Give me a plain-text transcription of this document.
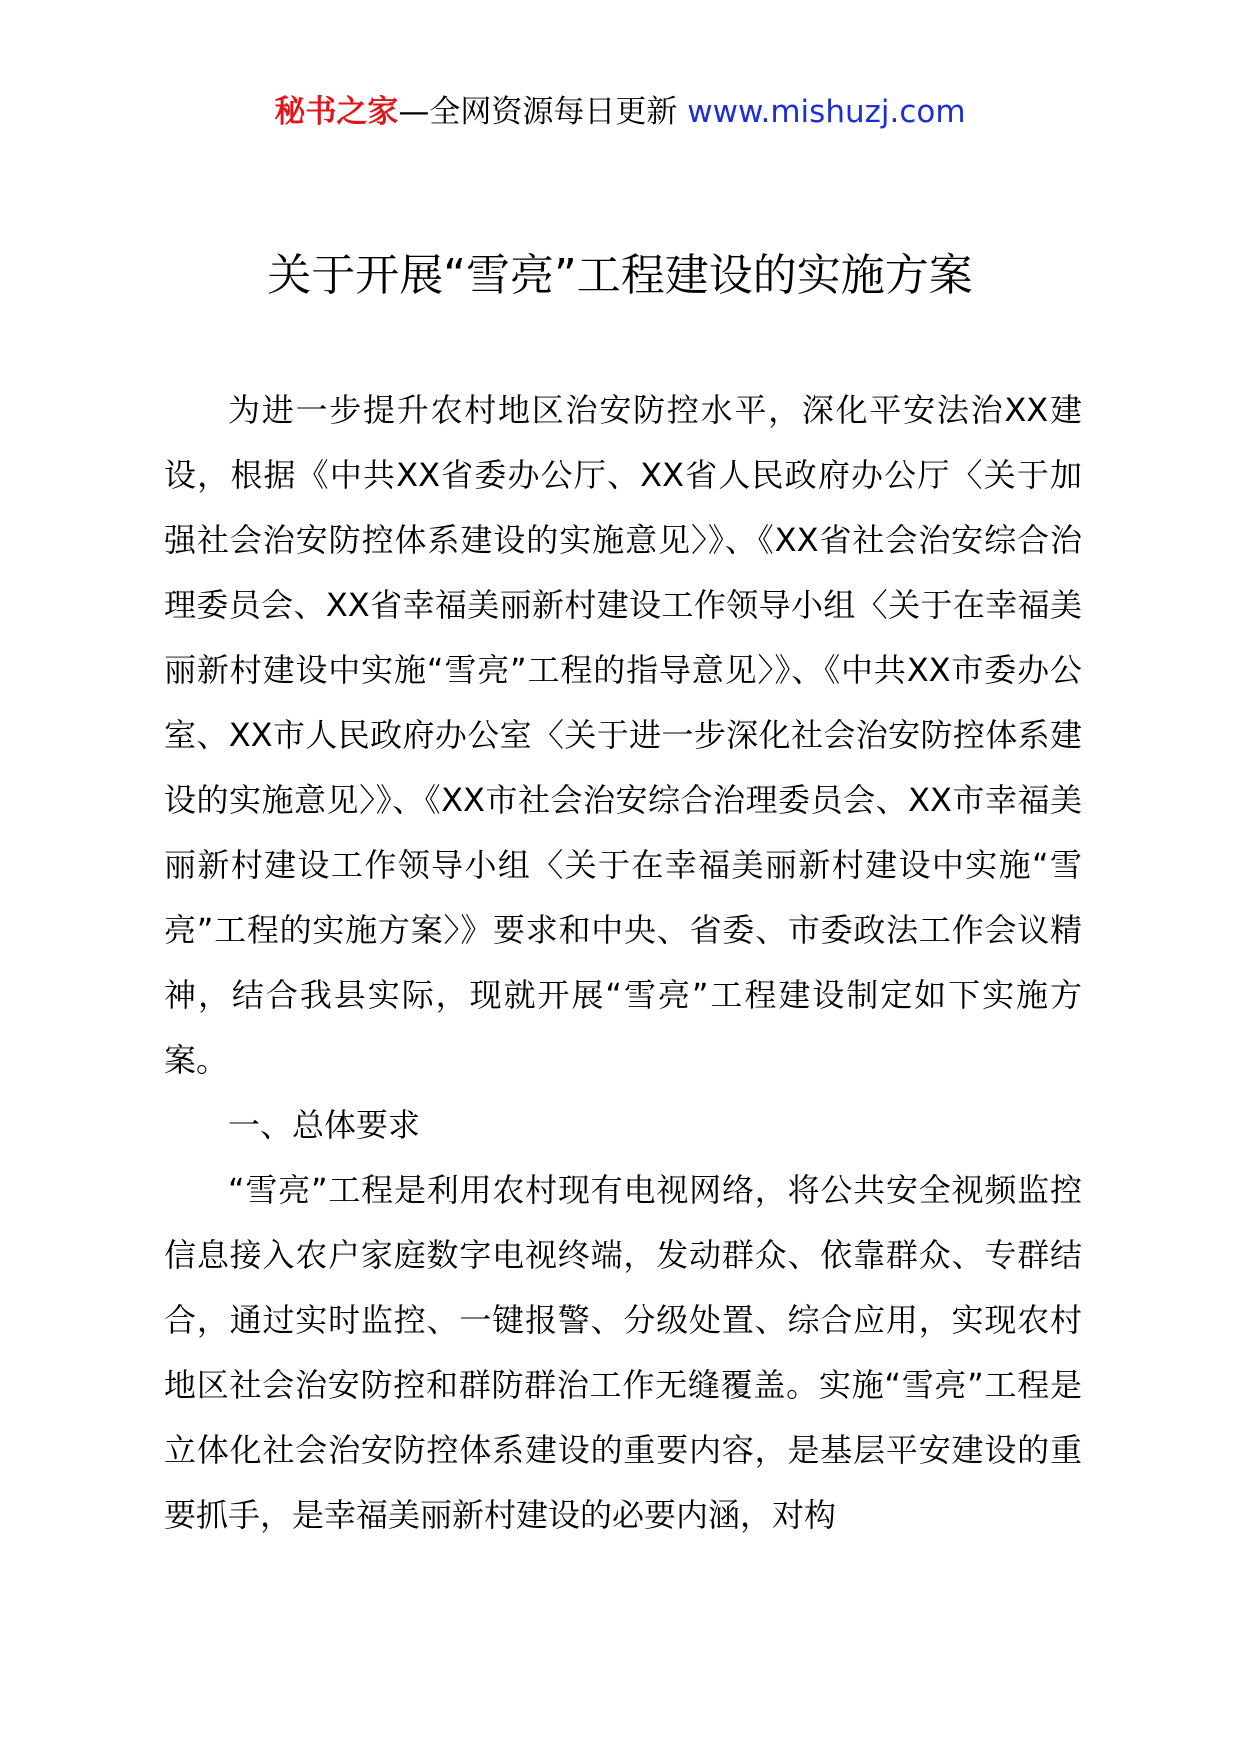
秘书之家—全网资源每日更新 www.mishuzj.com
关于开展“雪亮”工程建设的实施方案

为进一步提升农村地区治安防控水平，深化平安法治XX建设，根据《中共XX省委办公厅、XX省人民政府办公厅〈关于加强社会治安防控体系建设的实施意见〉》、《XX省社会治安综合治理委员会、XX省幸福美丽新村建设工作领导小组〈关于在幸福美丽新村建设中实施“雪亮”工程的指导意见〉》、《中共XX市委办公室、XX市人民政府办公室〈关于进一步深化社会治安防控体系建设的实施意见〉》、《XX市社会治安综合治理委员会、XX市幸福美丽新村建设工作领导小组〈关于在幸福美丽新村建设中实施“雪亮”工程的实施方案〉》要求和中央、省委、市委政法工作会议精神，结合我县实际，现就开展“雪亮”工程建设制定如下实施方案。

一、总体要求

“雪亮”工程是利用农村现有电视网络，将公共安全视频监控信息接入农户家庭数字电视终端，发动群众、依靠群众、专群结合，通过实时监控、一键报警、分级处置、综合应用，实现农村地区社会治安防控和群防群治工作无缝覆盖。实施“雪亮”工程是立体化社会治安防控体系建设的重要内容，是基层平安建设的重要抓手，是幸福美丽新村建设的必要内涵，对构
